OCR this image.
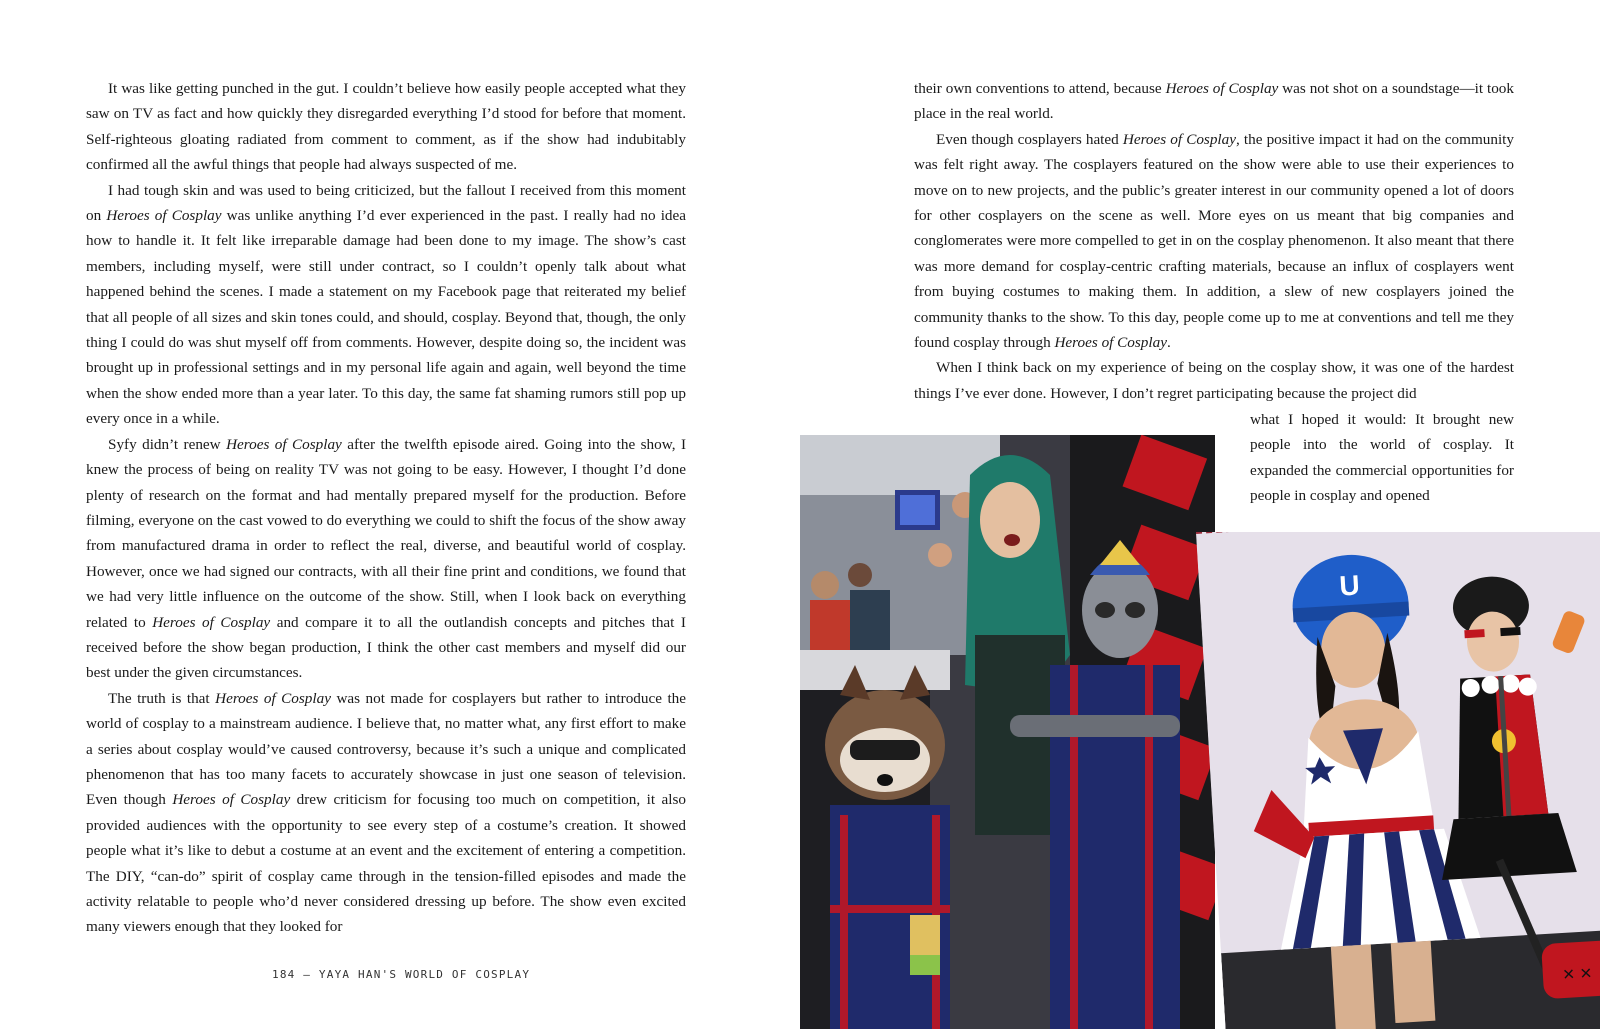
It was like getting punched in the gut. I couldn’t believe how easily people accepted what they saw on TV as fact and how quickly they disregarded everything I’d stood for before that moment. Self-righteous gloating radiated from comment to comment, as if the show had indubitably confirmed all the awful things that people had always suspected of me.

I had tough skin and was used to being criticized, but the fallout I received from this moment on Heroes of Cosplay was unlike anything I’d ever experienced in the past. I really had no idea how to handle it. It felt like irreparable damage had been done to my image. The show’s cast members, including myself, were still under contract, so I couldn’t openly talk about what happened behind the scenes. I made a statement on my Facebook page that reiterated my belief that all people of all sizes and skin tones could, and should, cosplay. Beyond that, though, the only thing I could do was shut myself off from comments. However, despite doing so, the incident was brought up in professional settings and in my personal life again and again, well beyond the time when the show ended more than a year later. To this day, the same fat shaming rumors still pop up every once in a while.

Syfy didn’t renew Heroes of Cosplay after the twelfth episode aired. Going into the show, I knew the process of being on reality TV was not going to be easy. However, I thought I’d done plenty of research on the format and had mentally prepared myself for the production. Before filming, everyone on the cast vowed to do everything we could to shift the focus of the show away from manufactured drama in order to reflect the real, diverse, and beautiful world of cosplay. However, once we had signed our contracts, with all their fine print and conditions, we found that we had very little influence on the outcome of the show. Still, when I look back on everything related to Heroes of Cosplay and compare it to all the outlandish concepts and pitches that I received before the show began production, I think the other cast members and myself did our best under the given circumstances.

The truth is that Heroes of Cosplay was not made for cosplayers but rather to introduce the world of cosplay to a mainstream audience. I believe that, no matter what, any first effort to make a series about cosplay would’ve caused controversy, because it’s such a unique and complicated phenomenon that has too many facets to accurately showcase in just one season of television. Even though Heroes of Cosplay drew criticism for focusing too much on competition, it also provided audiences with the opportunity to see every step of a costume’s creation. It showed people what it’s like to debut a costume at an event and the excitement of entering a competition. The DIY, “can-do” spirit of cosplay came through in the tension-filled episodes and made the activity relatable to people who’d never considered dressing up before. The show even excited many viewers enough that they looked for

184 — YAYA HAN'S WORLD OF COSPLAY

their own conventions to attend, because Heroes of Cosplay was not shot on a soundstage—it took place in the real world.

Even though cosplayers hated Heroes of Cosplay, the positive impact it had on the community was felt right away. The cosplayers featured on the show were able to use their experiences to move on to new projects, and the public’s greater interest in our community opened a lot of doors for other cosplayers on the scene as well. More eyes on us meant that big companies and conglomerates were more compelled to get in on the cosplay phenomenon. It also meant that there was more demand for cosplay-centric crafting materials, because an influx of cosplayers went from buying costumes to making them. In addition, a slew of new cosplayers joined the community thanks to the show. To this day, people come up to me at conventions and tell me they found cosplay through Heroes of Cosplay.

When I think back on my experience of being on the cosplay show, it was one of the hardest things I’ve ever done. However, I don’t regret participating because the project did

what I hoped it would: It brought new people into the world of cosplay. It expanded the commercial opportunities for people in cosplay and opened

U
× ×
